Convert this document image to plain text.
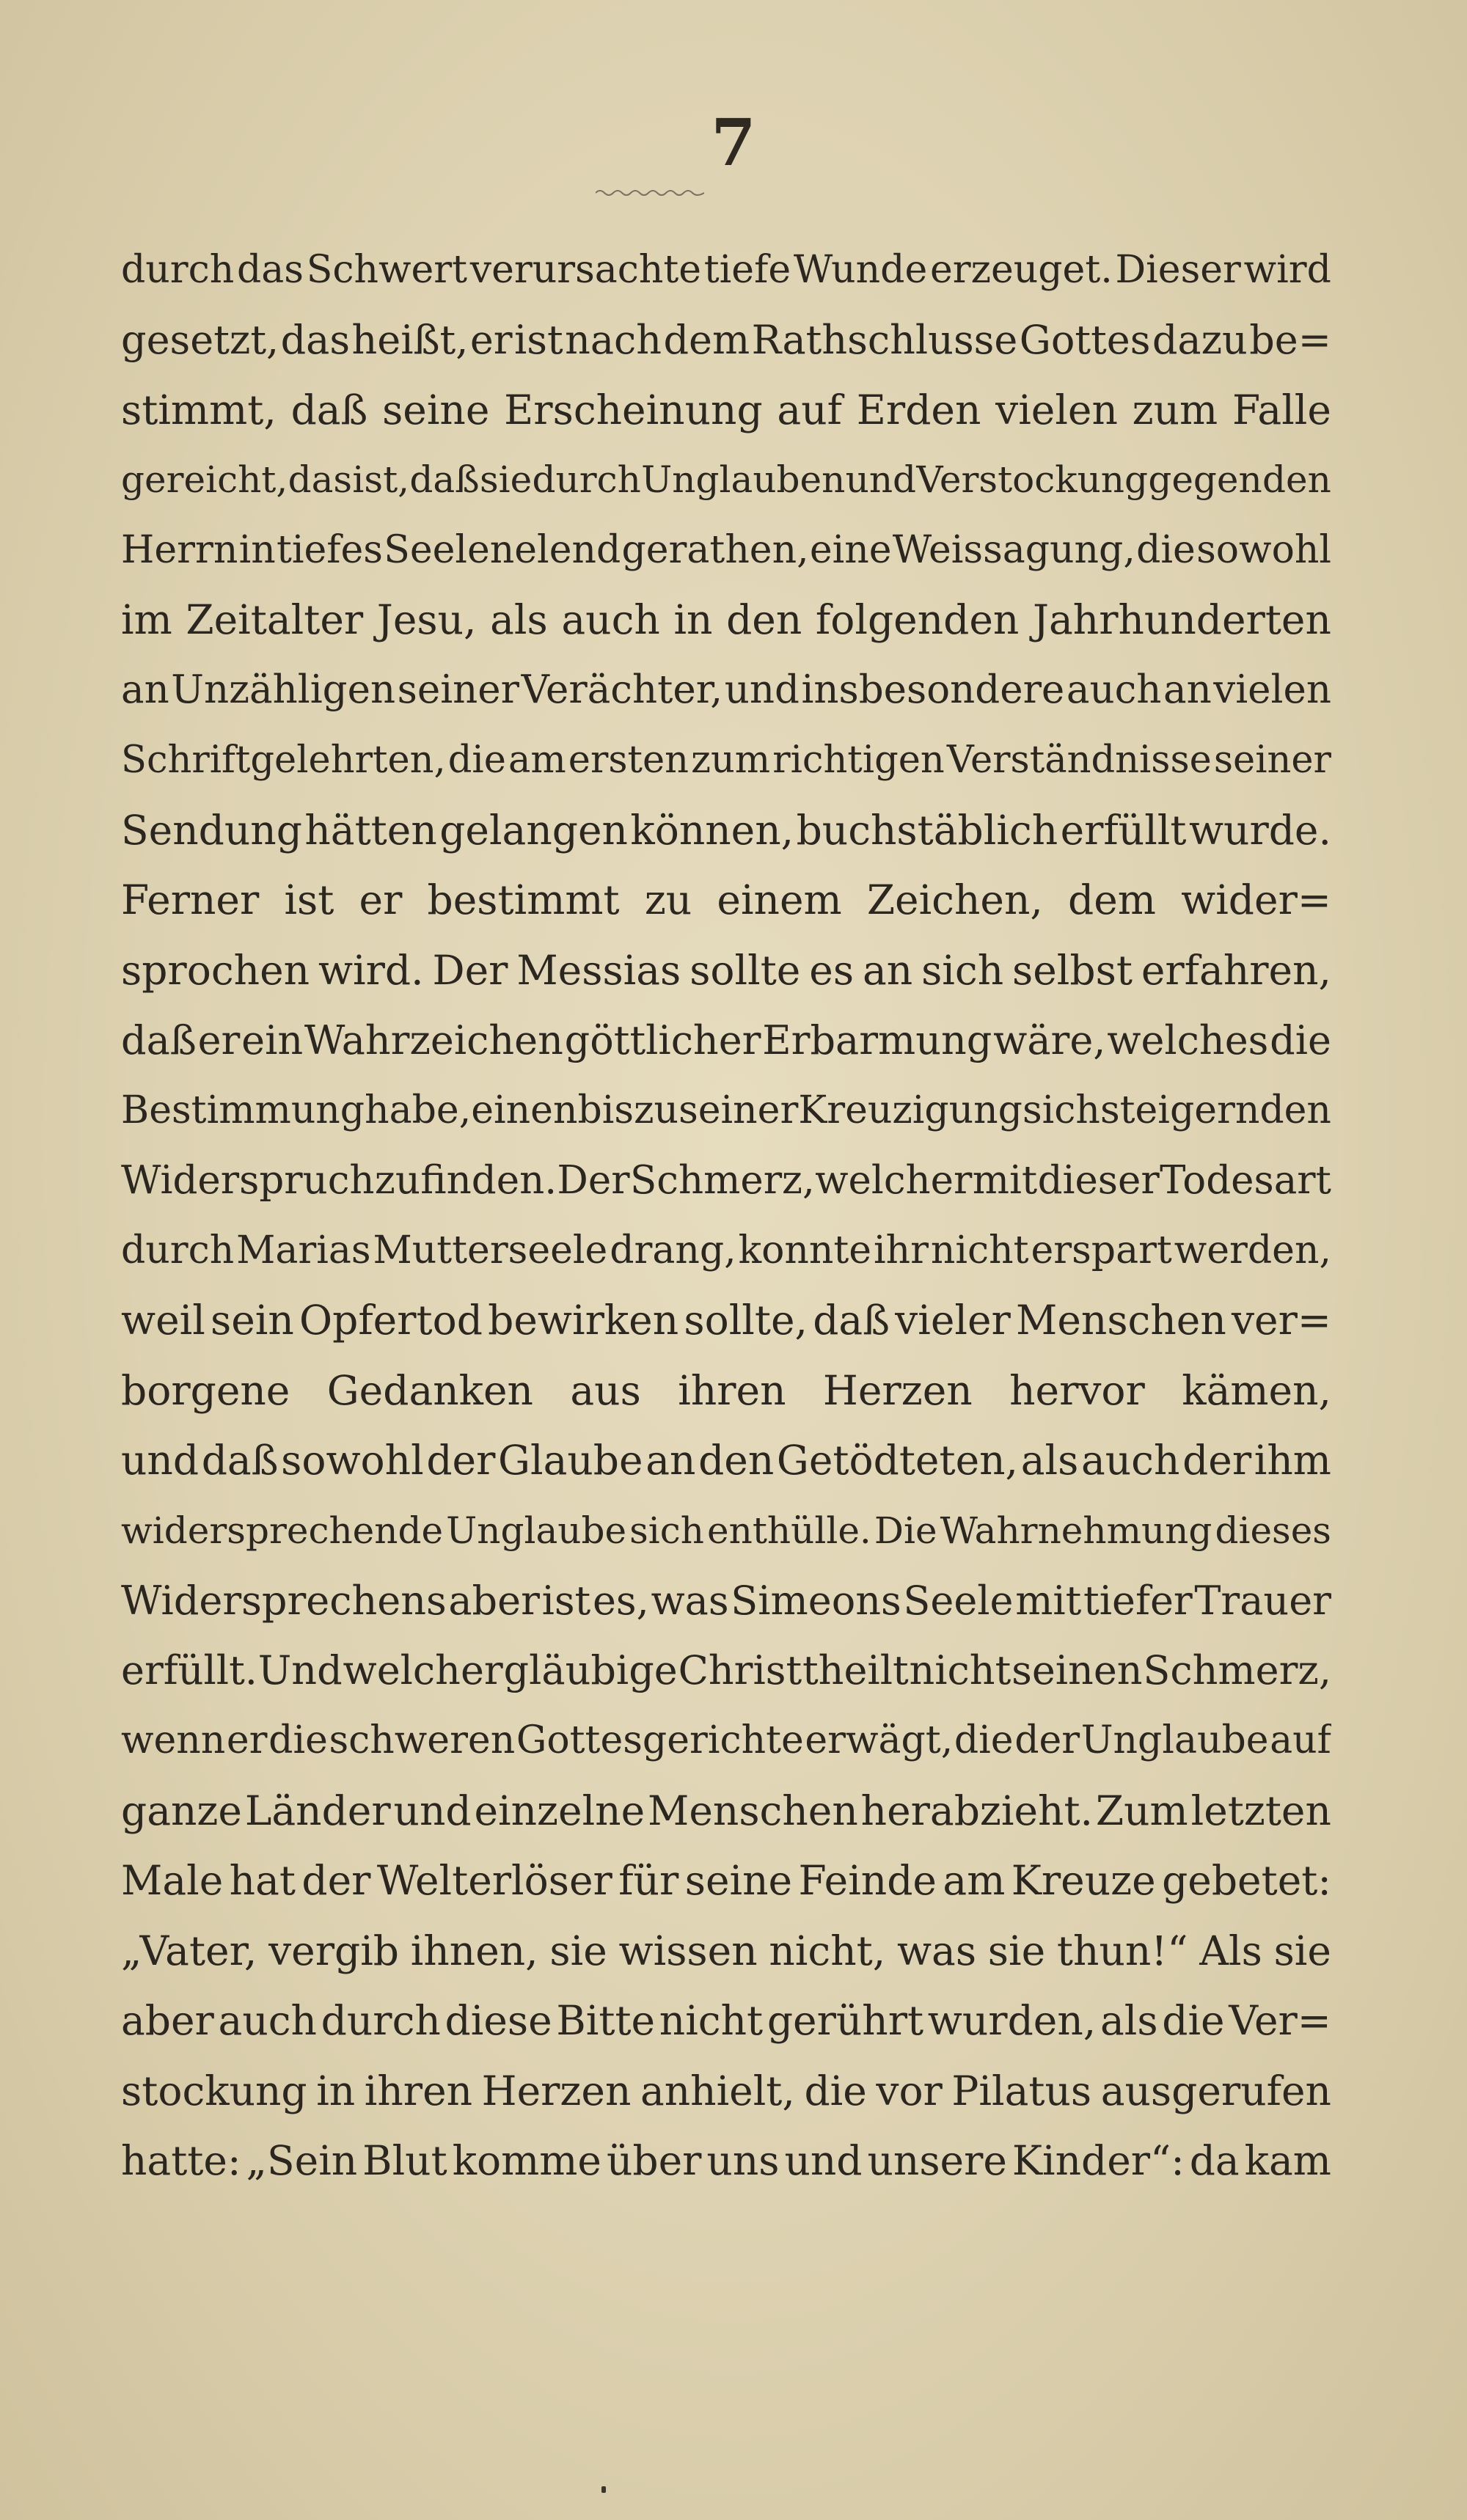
7
durch das Schwert verursachte tiefe Wunde erzeuget. Dieser wird
gesetzt, das heißt, er ist nach dem Rathschlusse Gottes dazu be=
stimmt, daß seine Erscheinung auf Erden vielen zum Falle
gereicht, das ist, daß sie durch Unglauben und Verstockung gegen den
Herrn in tiefes Seelenelend gerathen, eine Weissagung, die sowohl
im Zeitalter Jesu, als auch in den folgenden Jahrhunderten
an Unzähligen seiner Verächter, und insbesondere auch an vielen
Schriftgelehrten, die am ersten zum richtigen Verständnisse seiner
Sendung hätten gelangen können, buchstäblich erfüllt wurde.
Ferner ist er bestimmt zu einem Zeichen, dem wider=
sprochen wird. Der Messias sollte es an sich selbst erfahren,
daß er ein Wahrzeichen göttlicher Erbarmung wäre, welches die
Bestimmung habe, einen bis zu seiner Kreuzigung sich steigernden
Widerspruch zu finden. Der Schmerz, welcher mit dieser Todesart
durch Marias Mutterseele drang, konnte ihr nicht erspart werden,
weil sein Opfertod bewirken sollte, daß vieler Menschen ver=
borgene Gedanken aus ihren Herzen hervor kämen,
und daß sowohl der Glaube an den Getödteten, als auch der ihm
widersprechende Unglaube sich enthülle. Die Wahrnehmung dieses
Widersprechens aber ist es, was Simeons Seele mit tiefer Trauer
erfüllt. Und welcher gläubige Christ theilt nicht seinen Schmerz,
wenn er die schweren Gottesgerichte erwägt, die der Unglaube auf
ganze Länder und einzelne Menschen herabzieht. Zum letzten
Male hat der Welterlöser für seine Feinde am Kreuze gebetet:
„Vater, vergib ihnen, sie wissen nicht, was sie thun!“ Als sie
aber auch durch diese Bitte nicht gerührt wurden, als die Ver=
stockung in ihren Herzen anhielt, die vor Pilatus ausgerufen
hatte: „Sein Blut komme über uns und unsere Kinder“: da kam
